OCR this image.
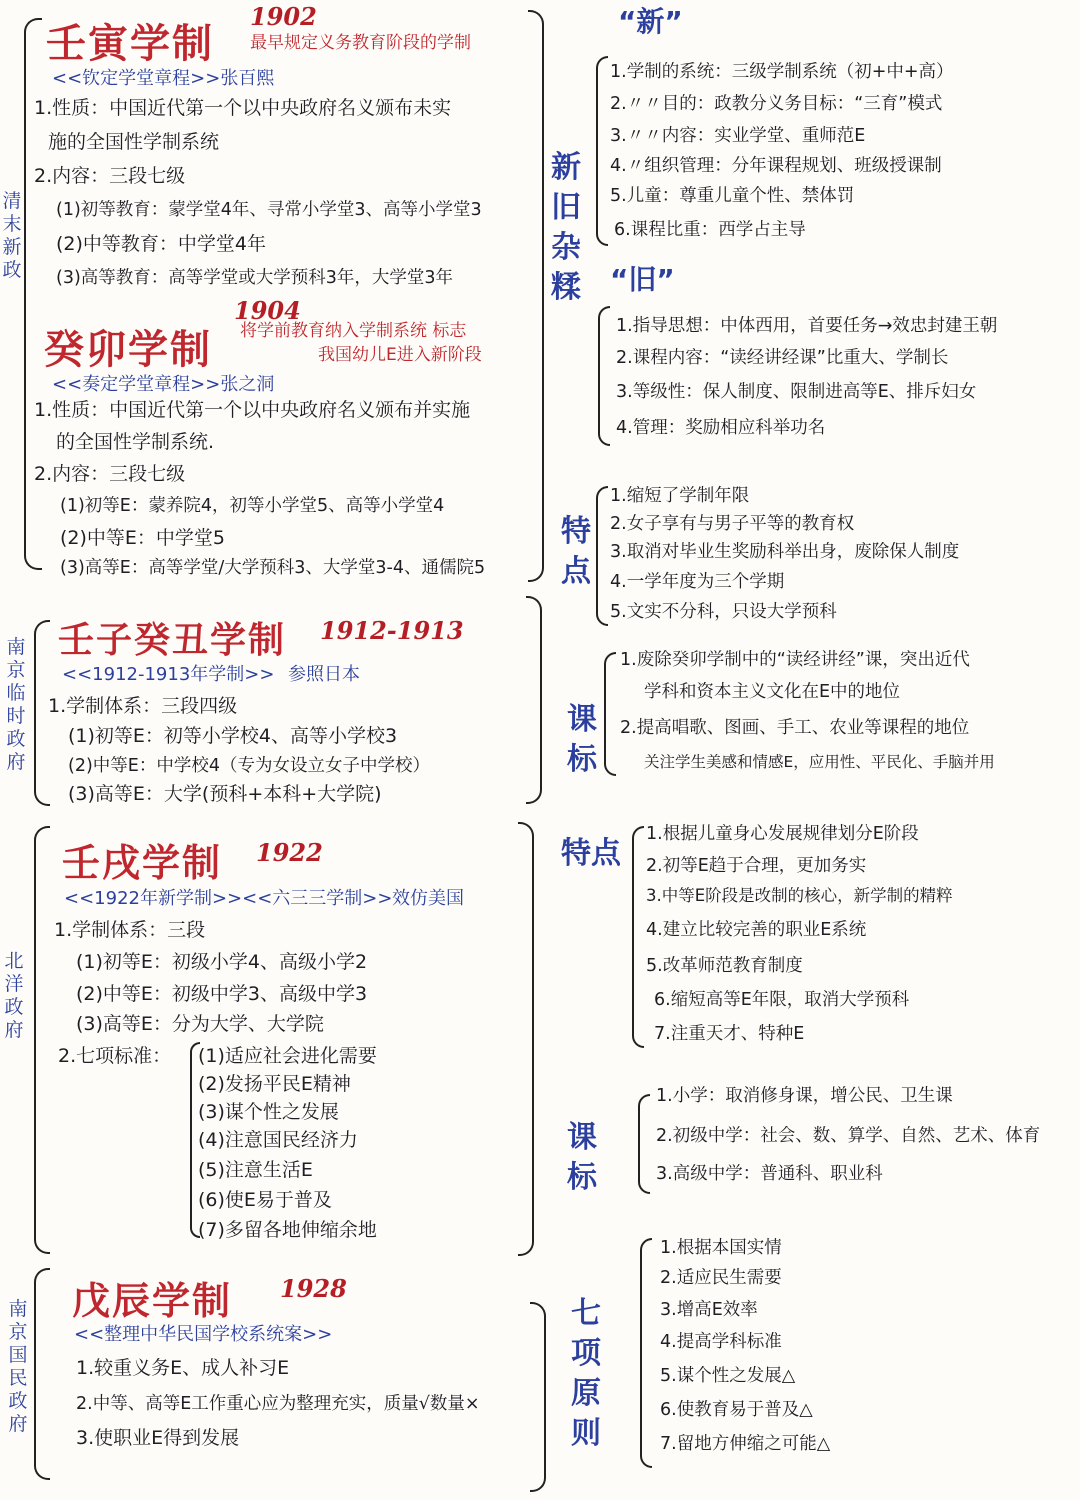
清末新政
壬寅学制
1902
最早规定义务教育阶段的学制
<<钦定学堂章程>>张百熙
1.性质：中国近代第一个以中央政府名义颁布未实
施的全国性学制系统
2.内容：三段七级
(1)初等教育：蒙学堂4年、寻常小学堂3、高等小学堂3
(2)中等教育：中学堂4年
(3)高等教育：高等学堂或大学预科3年，大学堂3年
癸卯学制
1904
将学前教育纳入学制系统 标志
我国幼儿E进入新阶段
<<奏定学堂章程>>张之洞
1.性质：中国近代第一个以中央政府名义颁布并实施
的全国性学制系统.
2.内容：三段七级
(1)初等E：蒙养院4，初等小学堂5、高等小学堂4
(2)中等E：中学堂5
(3)高等E：高等学堂/大学预科3、大学堂3-4、通儒院5
南京临时政府
壬子癸丑学制 1912-1913
<<1912-1913年学制>> 参照日本
1.学制体系：三段四级
(1)初等E：初等小学校4、高等小学校3
(2)中等E：中学校4（专为女设立女子中学校）
(3)高等E：大学(预科+本科+大学院)
北洋政府
壬戌学制 1922
<<1922年新学制>><<六三三学制>> 效仿美国
1.学制体系：三段
(1)初等E：初级小学4、高级小学2
(2)中等E：初级中学3、高级中学3
(3)高等E：分为大学、大学院
2.七项标准： (1)适应社会进化需要
(2)发扬平民E精神
(3)谋个性之发展
(4)注意国民经济力
(5)注意生活E
(6)使E易于普及
(7)多留各地伸缩余地
南京国民政府
戊辰学制 1928
<<整理中华民国学校系统案>>
1.较重义务E、成人补习E
2.中等、高等E工作重心应为整理充实，质量√数量×
3.使职业E得到发展
“新”
新旧杂糅
1.学制的系统：三级学制系统（初+中+高）
2.〃〃目的：政教分义务目标：“三育”模式
3.〃〃内容：实业学堂、重师范E
4.〃组织管理：分年课程规划、班级授课制
5.儿童：尊重儿童个性、禁体罚
6.课程比重：西学占主导
“旧”
1.指导思想：中体西用，首要任务→效忠封建王朝
2.课程内容：“读经讲经课”比重大、学制长
3.等级性：保人制度、限制进高等E、排斥妇女
4.管理：奖励相应科举功名
特点
1.缩短了学制年限
2.女子享有与男子平等的教育权
3.取消对毕业生奖励科举出身，废除保人制度
4.一学年度为三个学期
5.文实不分科，只设大学预科
课标
1.废除癸卯学制中的“读经讲经”课，突出近代
学科和资本主义文化在E中的地位
2.提高唱歌、图画、手工、农业等课程的地位
关注学生美感和情感E，应用性、平民化、手脑并用
特点
1.根据儿童身心发展规律划分E阶段
2.初等E趋于合理，更加务实
3.中等E阶段是改制的核心，新学制的精粹
4.建立比较完善的职业E系统
5.改革师范教育制度
6.缩短高等E年限，取消大学预科
7.注重天才、特种E
课标
1.小学：取消修身课，增公民、卫生课
2.初级中学：社会、数、算学、自然、艺术、体育
3.高级中学：普通科、职业科
七项原则
1.根据本国实情
2.适应民生需要
3.增高E效率
4.提高学科标准
5.谋个性之发展△
6.使教育易于普及△
7.留地方伸缩之可能△
